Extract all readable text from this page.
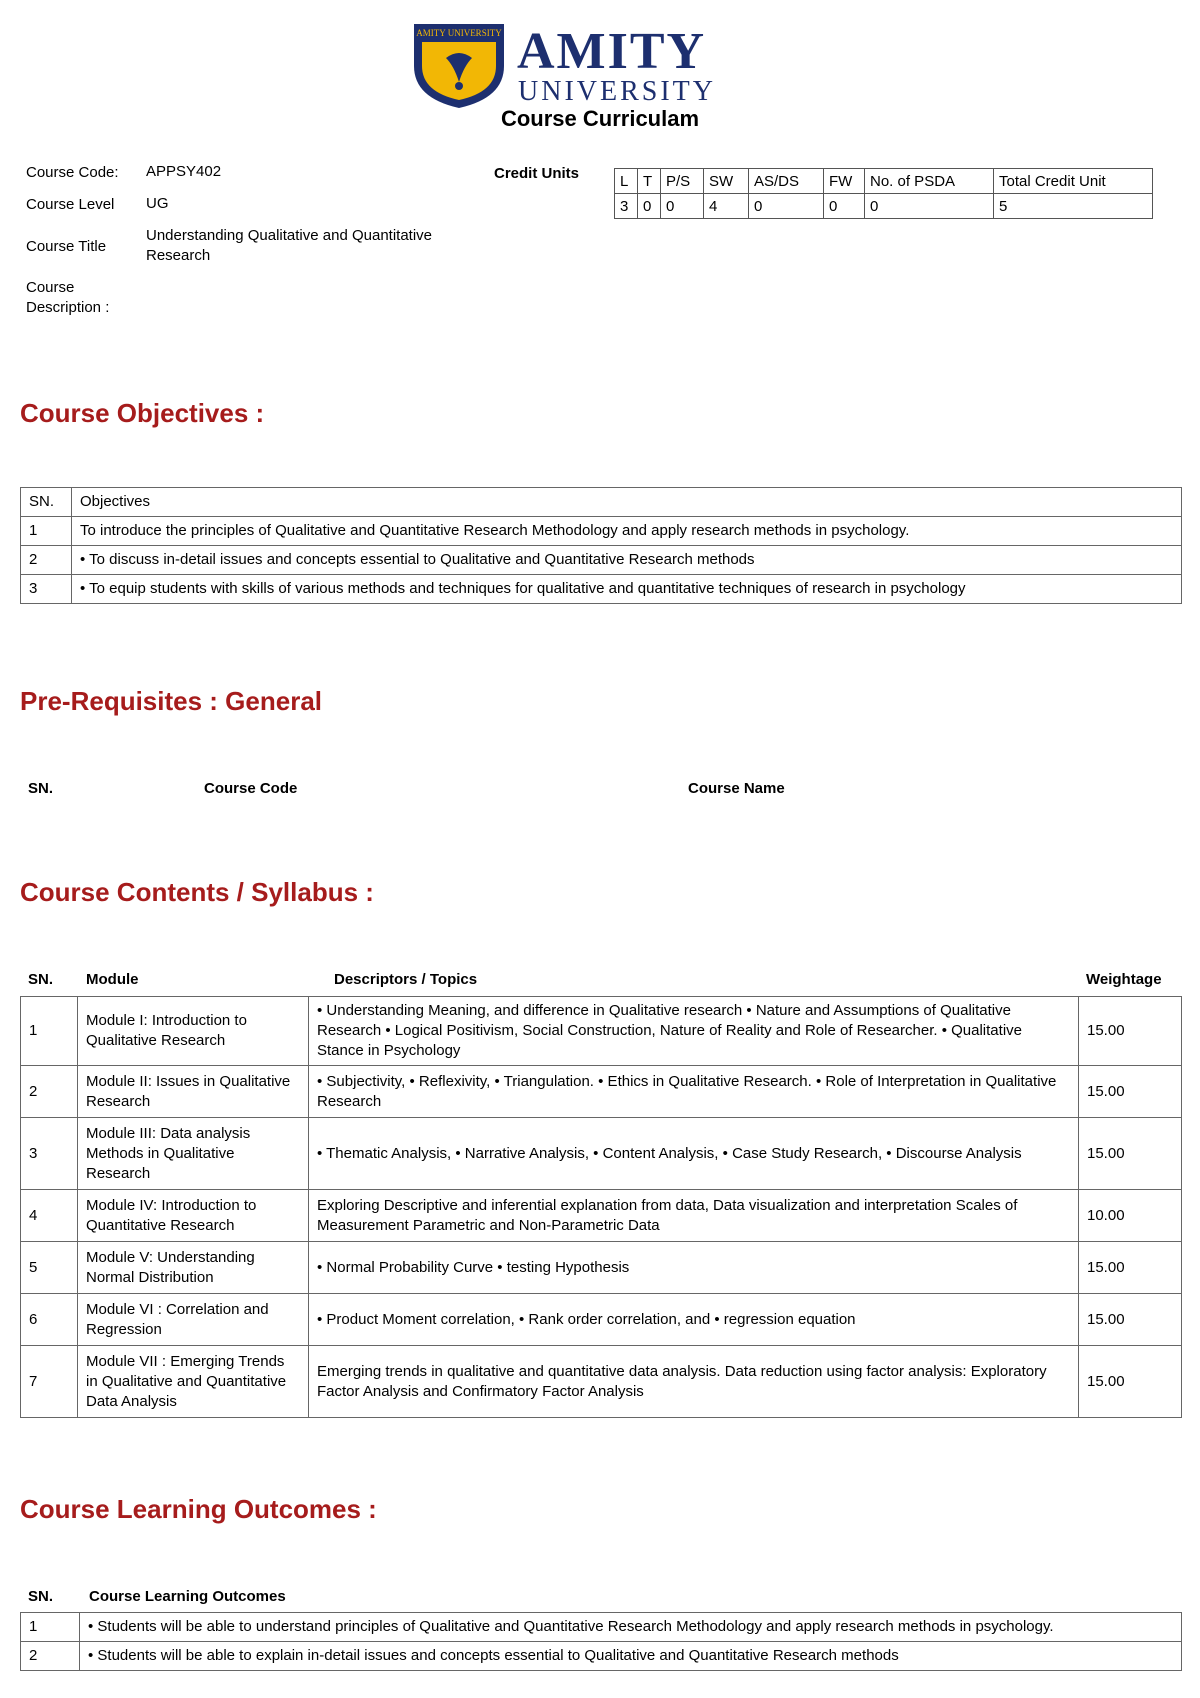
AMITY UNIVERSITY AMITY
UNIVERSITY
Course Curriculam
Course Code:	APPSY402
Course Level	UG
Course Title
Understanding Qualitative and Quantitative Research
Course Description :
Credit Units	L	T	P/S	SW	AS/DS	FW	No. of PSDA	Total Credit Unit
3	0	0	4	0	0	0	5
Course Objectives :
SN.	Objectives
1	To introduce the principles of Qualitative and Quantitative Research Methodology and apply research methods in psychology.
2	• To discuss in-detail issues and concepts essential to Qualitative and Quantitative Research methods
3	• To equip students with skills of various methods and techniques for qualitative and quantitative techniques of research in psychology
Pre-Requisites : General
SN.	Course Code	Course Name
Course Contents / Syllabus :
SN. Module	Descriptors / Topics	Weightage
1	Module I: Introduction to Qualitative Research	• Understanding Meaning, and difference in Qualitative research • Nature and Assumptions of Qualitative Research • Logical Positivism, Social Construction, Nature of Reality and Role of Researcher. • Qualitative Stance in Psychology	15.00
2	Module II: Issues in Qualitative Research	• Subjectivity, • Reflexivity, • Triangulation. • Ethics in Qualitative Research. • Role of Interpretation in Qualitative Research	15.00
3	Module III: Data analysis Methods in Qualitative Research	• Thematic Analysis, • Narrative Analysis, • Content Analysis, • Case Study Research, • Discourse Analysis	15.00
4	Module IV: Introduction to Quantitative Research	Exploring Descriptive and inferential explanation from data, Data visualization and interpretation Scales of Measurement Parametric and Non-Parametric Data	10.00
5	Module V: Understanding Normal Distribution	• Normal Probability Curve • testing Hypothesis	15.00
6	Module VI : Correlation and Regression	• Product Moment correlation, • Rank order correlation, and • regression equation	15.00
7	Module VII : Emerging Trends in Qualitative and Quantitative Data Analysis	Emerging trends in qualitative and quantitative data analysis. Data reduction using factor analysis: Exploratory Factor Analysis and Confirmatory Factor Analysis	15.00
Course Learning Outcomes :
SN. Course Learning Outcomes
1	• Students will be able to understand principles of Qualitative and Quantitative Research Methodology and apply research methods in psychology.
2	• Students will be able to explain in-detail issues and concepts essential to Qualitative and Quantitative Research methods
